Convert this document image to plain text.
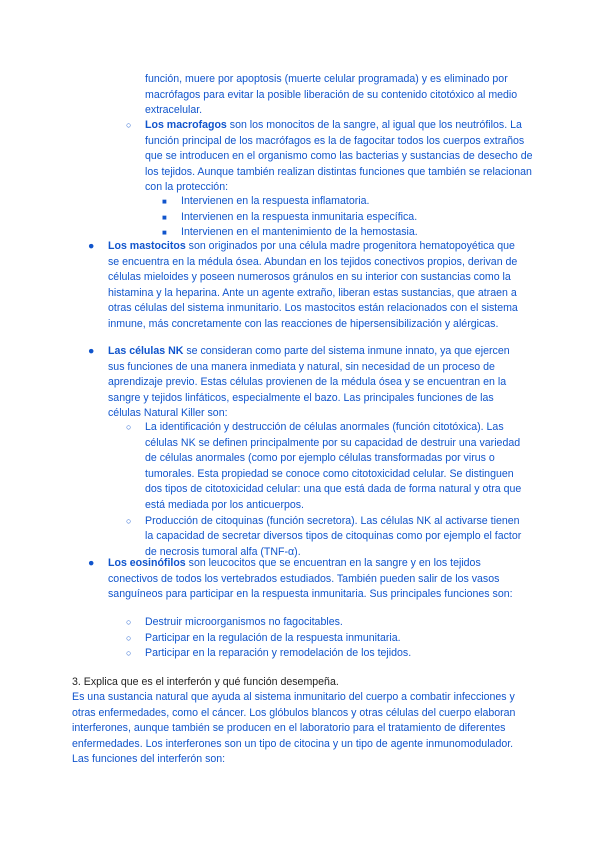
función, muere por apoptosis (muerte celular programada) y es eliminado por macrófagos para evitar la posible liberación de su contenido citotóxico al medio extracelular.

○ Los macrofagos son los monocitos de la sangre, al igual que los neutrófilos. La función principal de los macrófagos es la de fagocitar todos los cuerpos extraños que se introducen en el organismo como las bacterias y sustancias de desecho de los tejidos. Aunque también realizan distintas funciones que también se relacionan con la protección:

■ Intervienen en la respuesta inflamatoria.

■ Intervienen en la respuesta inmunitaria específica.

■ Intervienen en el mantenimiento de la hemostasia.

● Los mastocitos son originados por una célula madre progenitora hematopoyética que se encuentra en la médula ósea. Abundan en los tejidos conectivos propios, derivan de células mieloides y poseen numerosos gránulos en su interior con sustancias como la histamina y la heparina. Ante un agente extraño, liberan estas sustancias, que atraen a otras células del sistema inmunitario. Los mastocitos están relacionados con el sistema inmune, más concretamente con las reacciones de hipersensibilización y alérgicas.

● Las células NK se consideran como parte del sistema inmune innato, ya que ejercen sus funciones de una manera inmediata y natural, sin necesidad de un proceso de aprendizaje previo. Estas células provienen de la médula ósea y se encuentran en la sangre y tejidos linfáticos, especialmente el bazo. Las principales funciones de las células Natural Killer son:

○ La identificación y destrucción de células anormales (función citotóxica). Las células NK se definen principalmente por su capacidad de destruir una variedad de células anormales (como por ejemplo células transformadas por virus o tumorales. Esta propiedad se conoce como citotoxicidad celular. Se distinguen dos tipos de citotoxicidad celular: una que está dada de forma natural y otra que está mediada por los anticuerpos.

○ Producción de citoquinas (función secretora). Las células NK al activarse tienen la capacidad de secretar diversos tipos de citoquinas como por ejemplo el factor de necrosis tumoral alfa (TNF-α).

● Los eosinófilos son leucocitos que se encuentran en la sangre y en los tejidos conectivos de todos los vertebrados estudiados. También pueden salir de los vasos sanguíneos para participar en la respuesta inmunitaria. Sus principales funciones son:

○ Destruir microorganismos no fagocitables.

○ Participar en la regulación de la respuesta inmunitaria.

○ Participar en la reparación y remodelación de los tejidos.

3. Explica que es el interferón y qué función desempeña.

Es una sustancia natural que ayuda al sistema inmunitario del cuerpo a combatir infecciones y otras enfermedades, como el cáncer. Los glóbulos blancos y otras células del cuerpo elaboran interferones, aunque también se producen en el laboratorio para el tratamiento de diferentes enfermedades. Los interferones son un tipo de citocina y un tipo de agente inmunomodulador. Las funciones del interferón son:
